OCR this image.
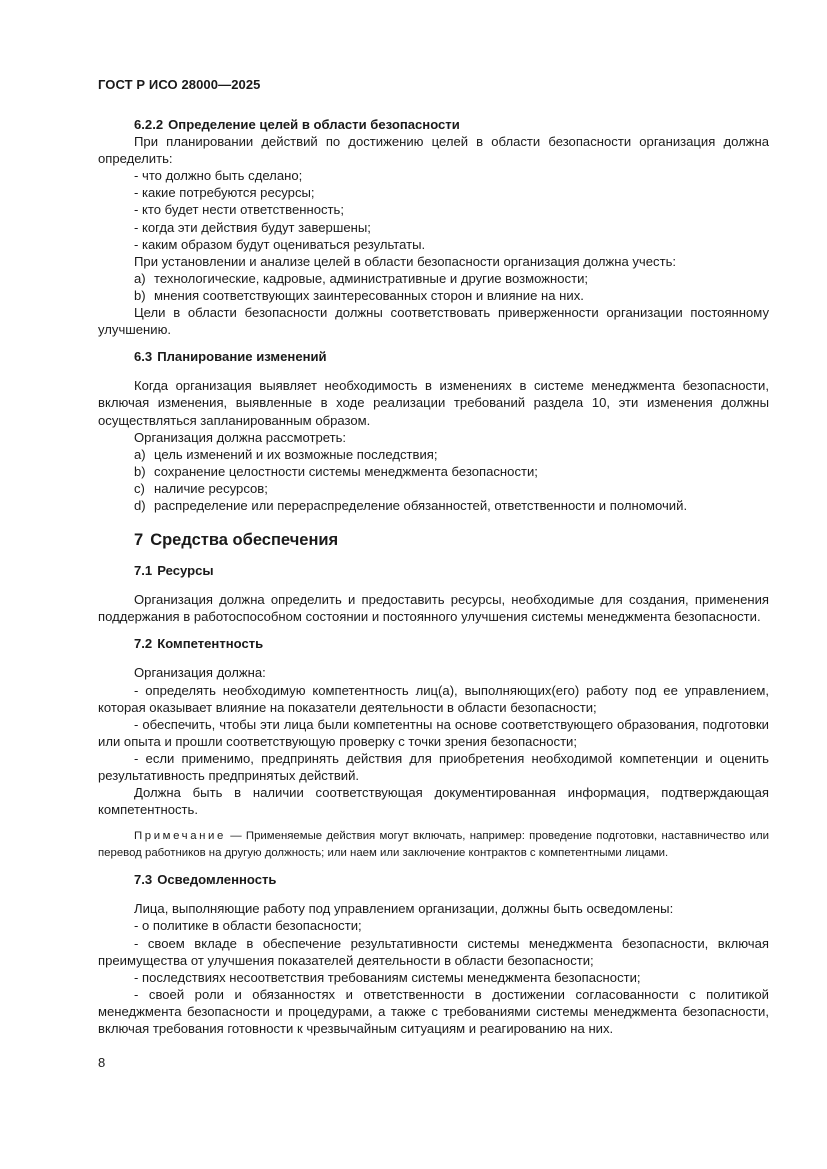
ГОСТ Р ИСО 28000—2025
6.2.2 Определение целей в области безопасности

При планировании действий по достижению целей в области безопасности организация должна определить:

- что должно быть сделано;

- какие потребуются ресурсы;

- кто будет нести ответственность;

- когда эти действия будут завершены;

- каким образом будут оцениваться результаты.

При установлении и анализе целей в области безопасности организация должна учесть:

a) технологические, кадровые, административные и другие возможности;

b) мнения соответствующих заинтересованных сторон и влияние на них.

Цели в области безопасности должны соответствовать приверженности организации постоянному улучшению.

6.3 Планирование изменений

Когда организация выявляет необходимость в изменениях в системе менеджмента безопасности, включая изменения, выявленные в ходе реализации требований раздела 10, эти изменения должны осуществляться запланированным образом.

Организация должна рассмотреть:

a) цель изменений и их возможные последствия;

b) сохранение целостности системы менеджмента безопасности;

c) наличие ресурсов;

d) распределение или перераспределение обязанностей, ответственности и полномочий.

7 Средства обеспечения
7.1 Ресурсы

Организация должна определить и предоставить ресурсы, необходимые для создания, применения поддержания в работоспособном состоянии и постоянного улучшения системы менеджмента безопасности.

7.2 Компетентность

Организация должна:

- определять необходимую компетентность лиц(а), выполняющих(его) работу под ее управлением, которая оказывает влияние на показатели деятельности в области безопасности;

- обеспечить, чтобы эти лица были компетентны на основе соответствующего образования, подготовки или опыта и прошли соответствующую проверку с точки зрения безопасности;

- если применимо, предпринять действия для приобретения необходимой компетенции и оценить результативность предпринятых действий.

Должна быть в наличии соответствующая документированная информация, подтверждающая компетентность.

Примечание — Применяемые действия могут включать, например: проведение подготовки, наставничество или перевод работников на другую должность; или наем или заключение контрактов с компетентными лицами.

7.3 Осведомленность

Лица, выполняющие работу под управлением организации, должны быть осведомлены:

- о политике в области безопасности;

- своем вкладе в обеспечение результативности системы менеджмента безопасности, включая преимущества от улучшения показателей деятельности в области безопасности;

- последствиях несоответствия требованиям системы менеджмента безопасности;

- своей роли и обязанностях и ответственности в достижении согласованности с политикой менеджмента безопасности и процедурами, а также с требованиями системы менеджмента безопасности, включая требования готовности к чрезвычайным ситуациям и реагированию на них.

8
